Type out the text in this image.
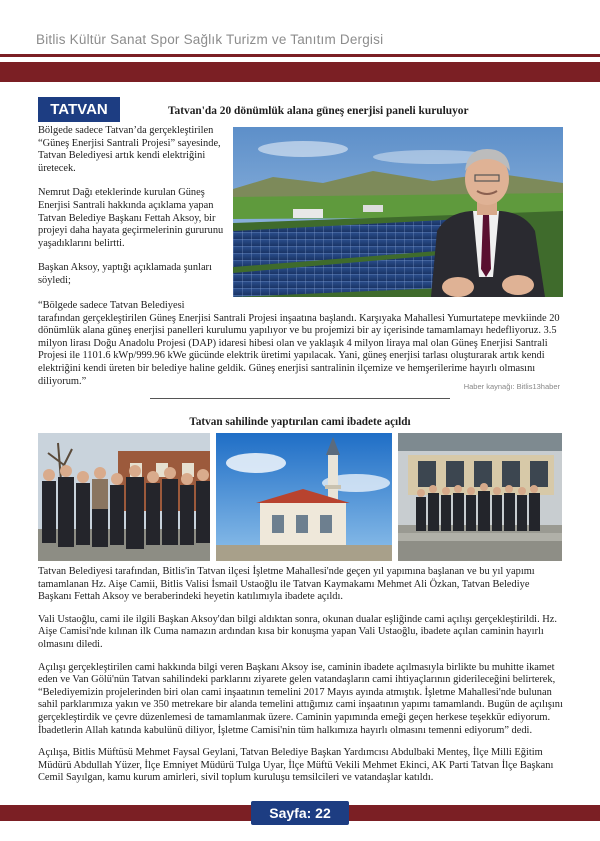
Bitlis Kültür Sanat Spor Sağlık Turizm ve Tanıtım Dergisi
TATVAN	Tatvan'da 20 dönümlük alana güneş enerjisi paneli kuruluyor

Bölgede sadece Tatvan’da gerçekleştirilen “Güneş Enerjisi Santrali Projesi” sayesinde, Tatvan Belediyesi artık kendi elektriğini üretecek.

Nemrut Dağı eteklerinde kurulan Güneş Enerjisi Santrali hakkında açıklama yapan Tatvan Belediye Başkanı Fettah Aksoy, bir projeyi daha hayata geçirmelerinin gururunu yaşadıklarını belirtti.

Başkan Aksoy, yaptığı açıklamada şunları söyledi;

“Bölgede sadece Tatvan Belediyesi
tarafından gerçekleştirilen Güneş Enerjisi Santrali Projesi inşaatına başlandı. Karşıyaka Mahallesi Yumurtatepe mevkiinde 20 dönümlük alana güneş enerjisi panelleri kurulumu yapılıyor ve bu projemizi bir ay içerisinde tamamlamayı hedefliyoruz. 3.5 milyon lirası Doğu Anadolu Projesi (DAP) idaresi hibesi olan ve yaklaşık 4 milyon liraya mal olan Güneş Enerjisi Santrali Projesi ile 1101.6 kWp/999.96 kWe gücünde elektrik üretimi yapılacak. Yani, güneş enerjisi tarlası oluşturarak artık kendi elektriğini kendi üreten bir belediye haline geldik. Güneş enerjisi santralinin ilçemize ve hemşerilerime hayırlı olmasını diliyorum.”	Haber kaynağı: Bitlis13haber
Tatvan sahilinde yaptırılan cami ibadete açıldı

Tatvan Belediyesi tarafından, Bitlis'in Tatvan ilçesi İşletme Mahallesi'nde geçen yıl yapımına başlanan ve bu yıl yapımı tamamlanan Hz. Aişe Camii, Bitlis Valisi İsmail Ustaoğlu ile Tatvan Kaymakamı Mehmet Ali Özkan, Tatvan Belediye Başkanı Fettah Aksoy ve beraberindeki heyetin katılımıyla ibadete açıldı.

Vali Ustaoğlu, cami ile ilgili Başkan Aksoy'dan bilgi aldıktan sonra, okunan dualar eşliğinde cami açılışı gerçekleştirildi. Hz. Aişe Camisi'nde kılınan ilk Cuma namazın ardından kısa bir konuşma yapan Vali Ustaoğlu, ibadete açılan caminin hayırlı olmasını diledi.

Açılışı gerçekleştirilen cami hakkında bilgi veren Başkanı Aksoy ise, caminin ibadete açılmasıyla birlikte bu muhitte ikamet eden ve Van Gölü'nün Tatvan sahilindeki parklarını ziyarete gelen vatandaşların cami ihtiyaçlarının giderileceğini belirterek, “Belediyemizin projelerinden biri olan cami inşaatının temelini 2017 Mayıs ayında atmıştık. İşletme Mahallesi'nde bulunan sahil parklarımıza yakın ve 350 metrekare bir alanda temelini attığımız cami inşaatının yapımı tamamlandı. Bugün de açılışını gerçekleştirdik ve çevre düzenlemesi de tamamlanmak üzere. Caminin yapımında emeği geçen herkese teşekkür ediyorum. İbadetlerin Allah katında kabulünü diliyor, İşletme Camisi'nin tüm halkımıza hayırlı olmasını temenni ediyorum” dedi.

Açılışa, Bitlis Müftüsü Mehmet Faysal Geylani, Tatvan Belediye Başkan Yardımcısı Abdulbaki Menteş, İlçe Milli Eğitim Müdürü Abdullah Yüzer, İlçe Emniyet Müdürü Tulga Uyar, İlçe Müftü Vekili Mehmet Ekinci, AK Parti Tatvan İlçe Başkanı Cemil Sayılgan, kamu kurum amirleri, sivil toplum kuruluşu temsilcileri ve vatandaşlar katıldı.

Sayfa: 22
